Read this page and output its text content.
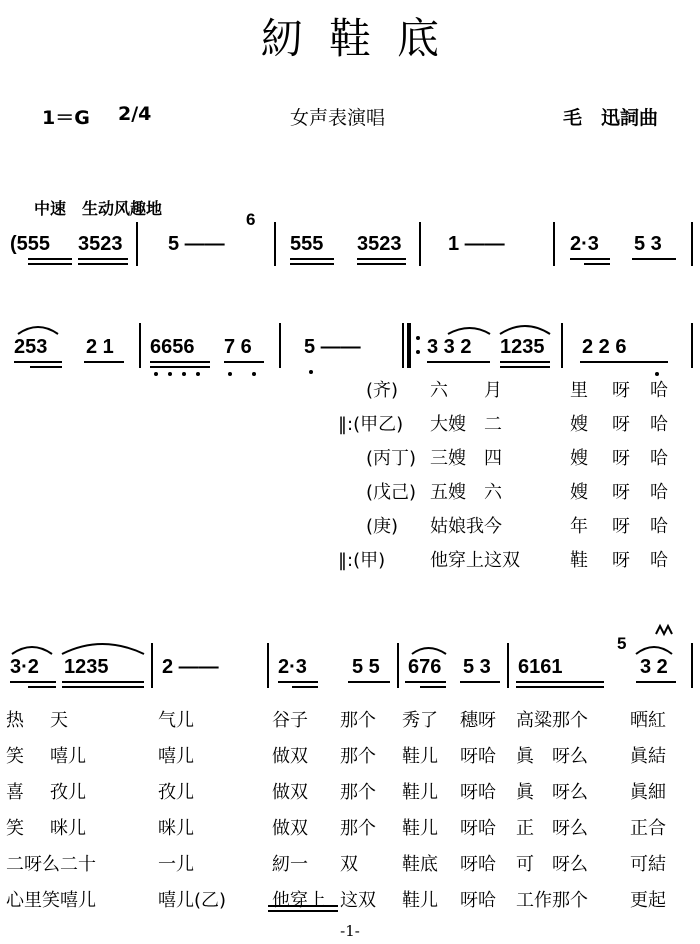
紉鞋底
1＝G 2/4	女声表演唱	毛　迅詞曲
中速　生动风趣地
(555 3523 5 ——
6
555 3523 1 ——	2·3 5 3
253 2 1 6656 7 6	5 ——	3 3 2 1235 2 2 6
(齐) 六 月	里 呀 哈
‖:(甲乙) 大嫂 二	嫂 呀 哈
(丙丁) 三嫂 四	嫂 呀 哈
(戊己) 五嫂 六	嫂 呀 哈
(庚) 姑娘我今	年 呀 哈
‖:(甲) 他穿上这双	鞋 呀 哈
3·2 1235	2 ——	2·3 5 5 676 5 3 6161
5
3 2
热 天	气儿	谷子 那个 秀了 穗呀 高粱那个 晒紅
笑 嘻儿	嘻儿	做双 那个 鞋儿 呀哈 眞　呀么 眞結
喜 孜儿	孜儿	做双 那个 鞋儿 呀哈 眞　呀么 眞細
笑 咪儿	咪儿	做双 那个 鞋儿 呀哈 正　呀么 正合
二呀么二十	一儿	紉一 双 鞋底 呀哈 可　呀么 可結
心里笑嘻儿	嘻儿(乙)	他穿上 这双 鞋儿 呀哈 工作那个 更起
-1-
